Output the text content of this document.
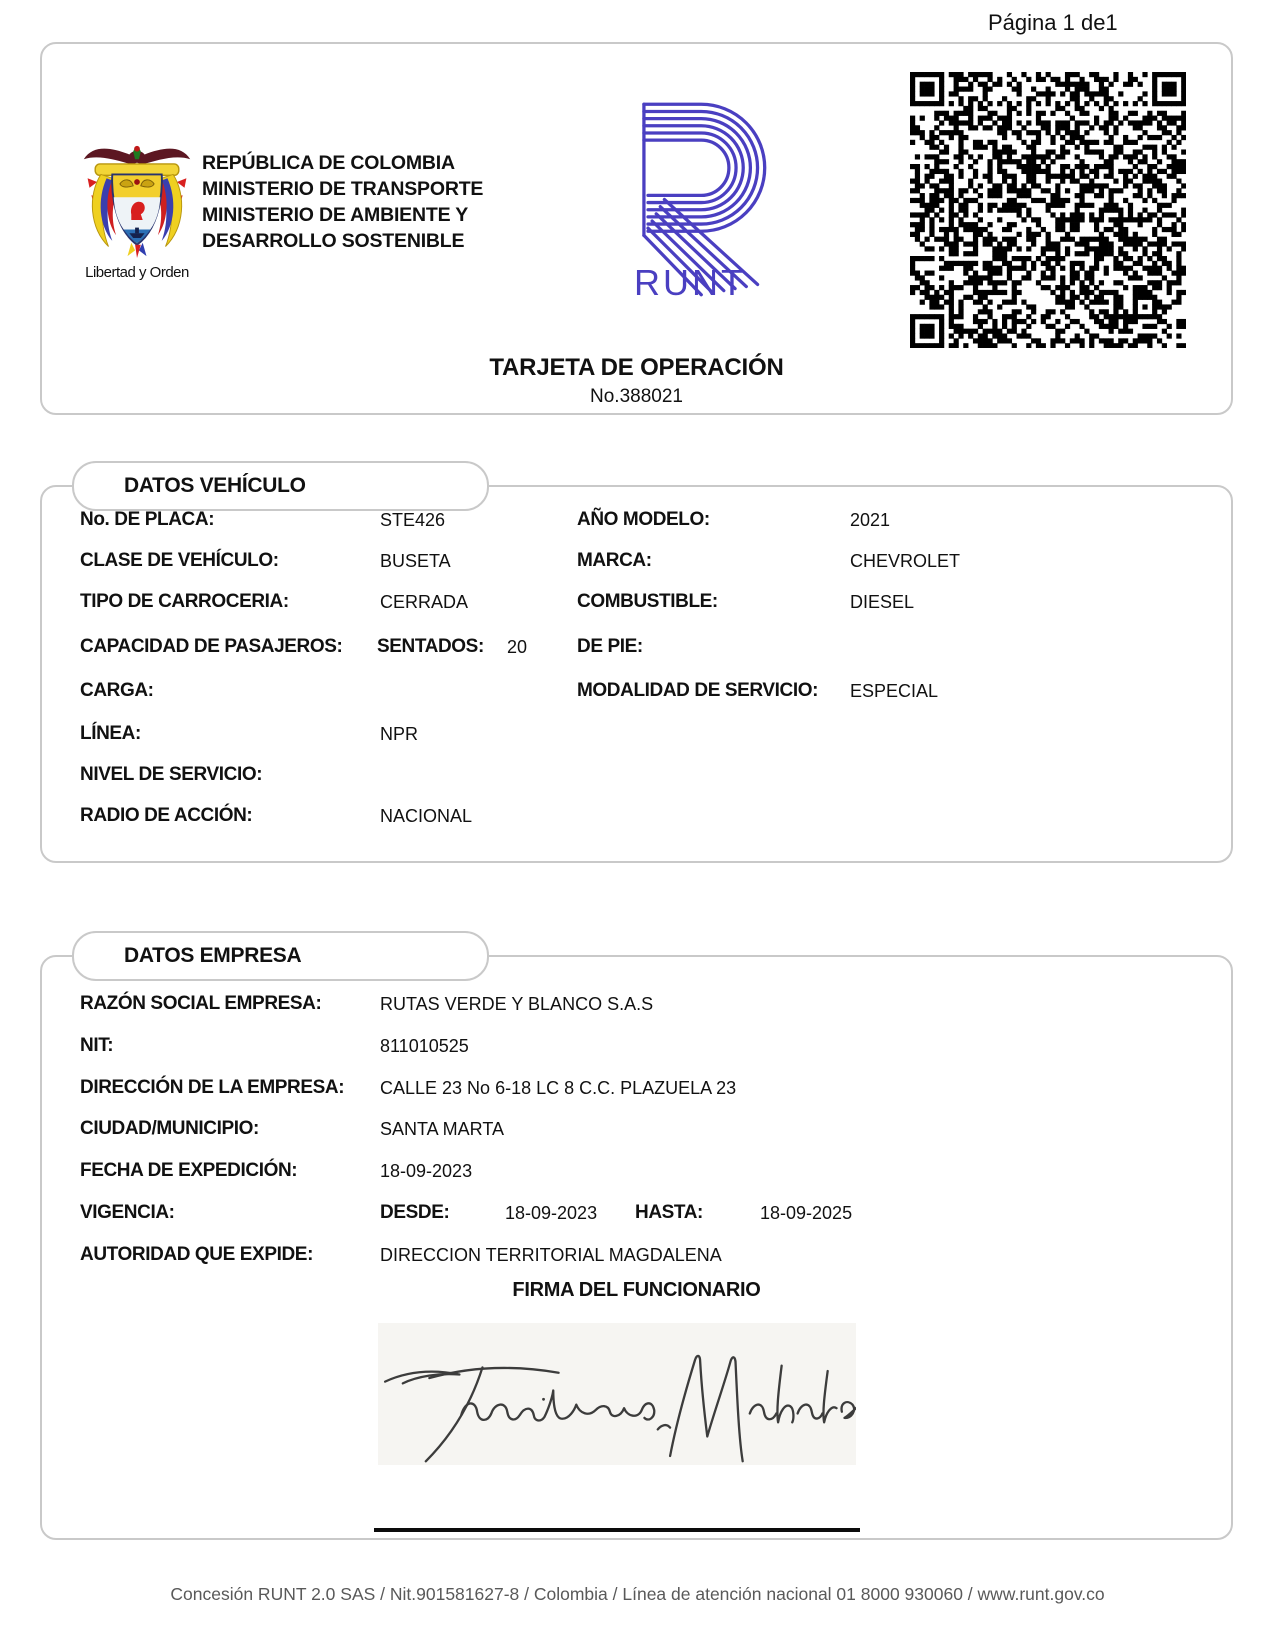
Página 1 de1
Libertad y Orden
REPÚBLICA DE COLOMBIA
MINISTERIO DE TRANSPORTE
MINISTERIO DE AMBIENTE Y
DESARROLLO SOSTENIBLE
RUNT
TARJETA DE OPERACIÓN
No.388021
DATOS VEHÍCULO
No. DE PLACA:	STE426	AÑO MODELO:	2021
CLASE DE VEHÍCULO:	BUSETA	MARCA:	CHEVROLET
TIPO DE CARROCERIA:	CERRADA	COMBUSTIBLE:	DIESEL
CAPACIDAD DE PASAJEROS: SENTADOS: 20	DE PIE:
CARGA:	MODALIDAD DE SERVICIO: ESPECIAL
LÍNEA:	NPR
NIVEL DE SERVICIO:
RADIO DE ACCIÓN:	NACIONAL
DATOS EMPRESA
RAZÓN SOCIAL EMPRESA:	RUTAS VERDE Y BLANCO S.A.S
NIT:	811010525
DIRECCIÓN DE LA EMPRESA: CALLE 23 No 6-18 LC 8 C.C. PLAZUELA 23
CIUDAD/MUNICIPIO:	SANTA MARTA
FECHA DE EXPEDICIÓN:	18-09-2023
VIGENCIA:	DESDE:	18-09-2023 HASTA:	18-09-2025
AUTORIDAD QUE EXPIDE:	DIRECCION TERRITORIAL MAGDALENA
FIRMA DEL FUNCIONARIO
Concesión RUNT 2.0 SAS / Nit.901581627-8 / Colombia / Línea de atención nacional 01 8000 930060 / www.runt.gov.co
